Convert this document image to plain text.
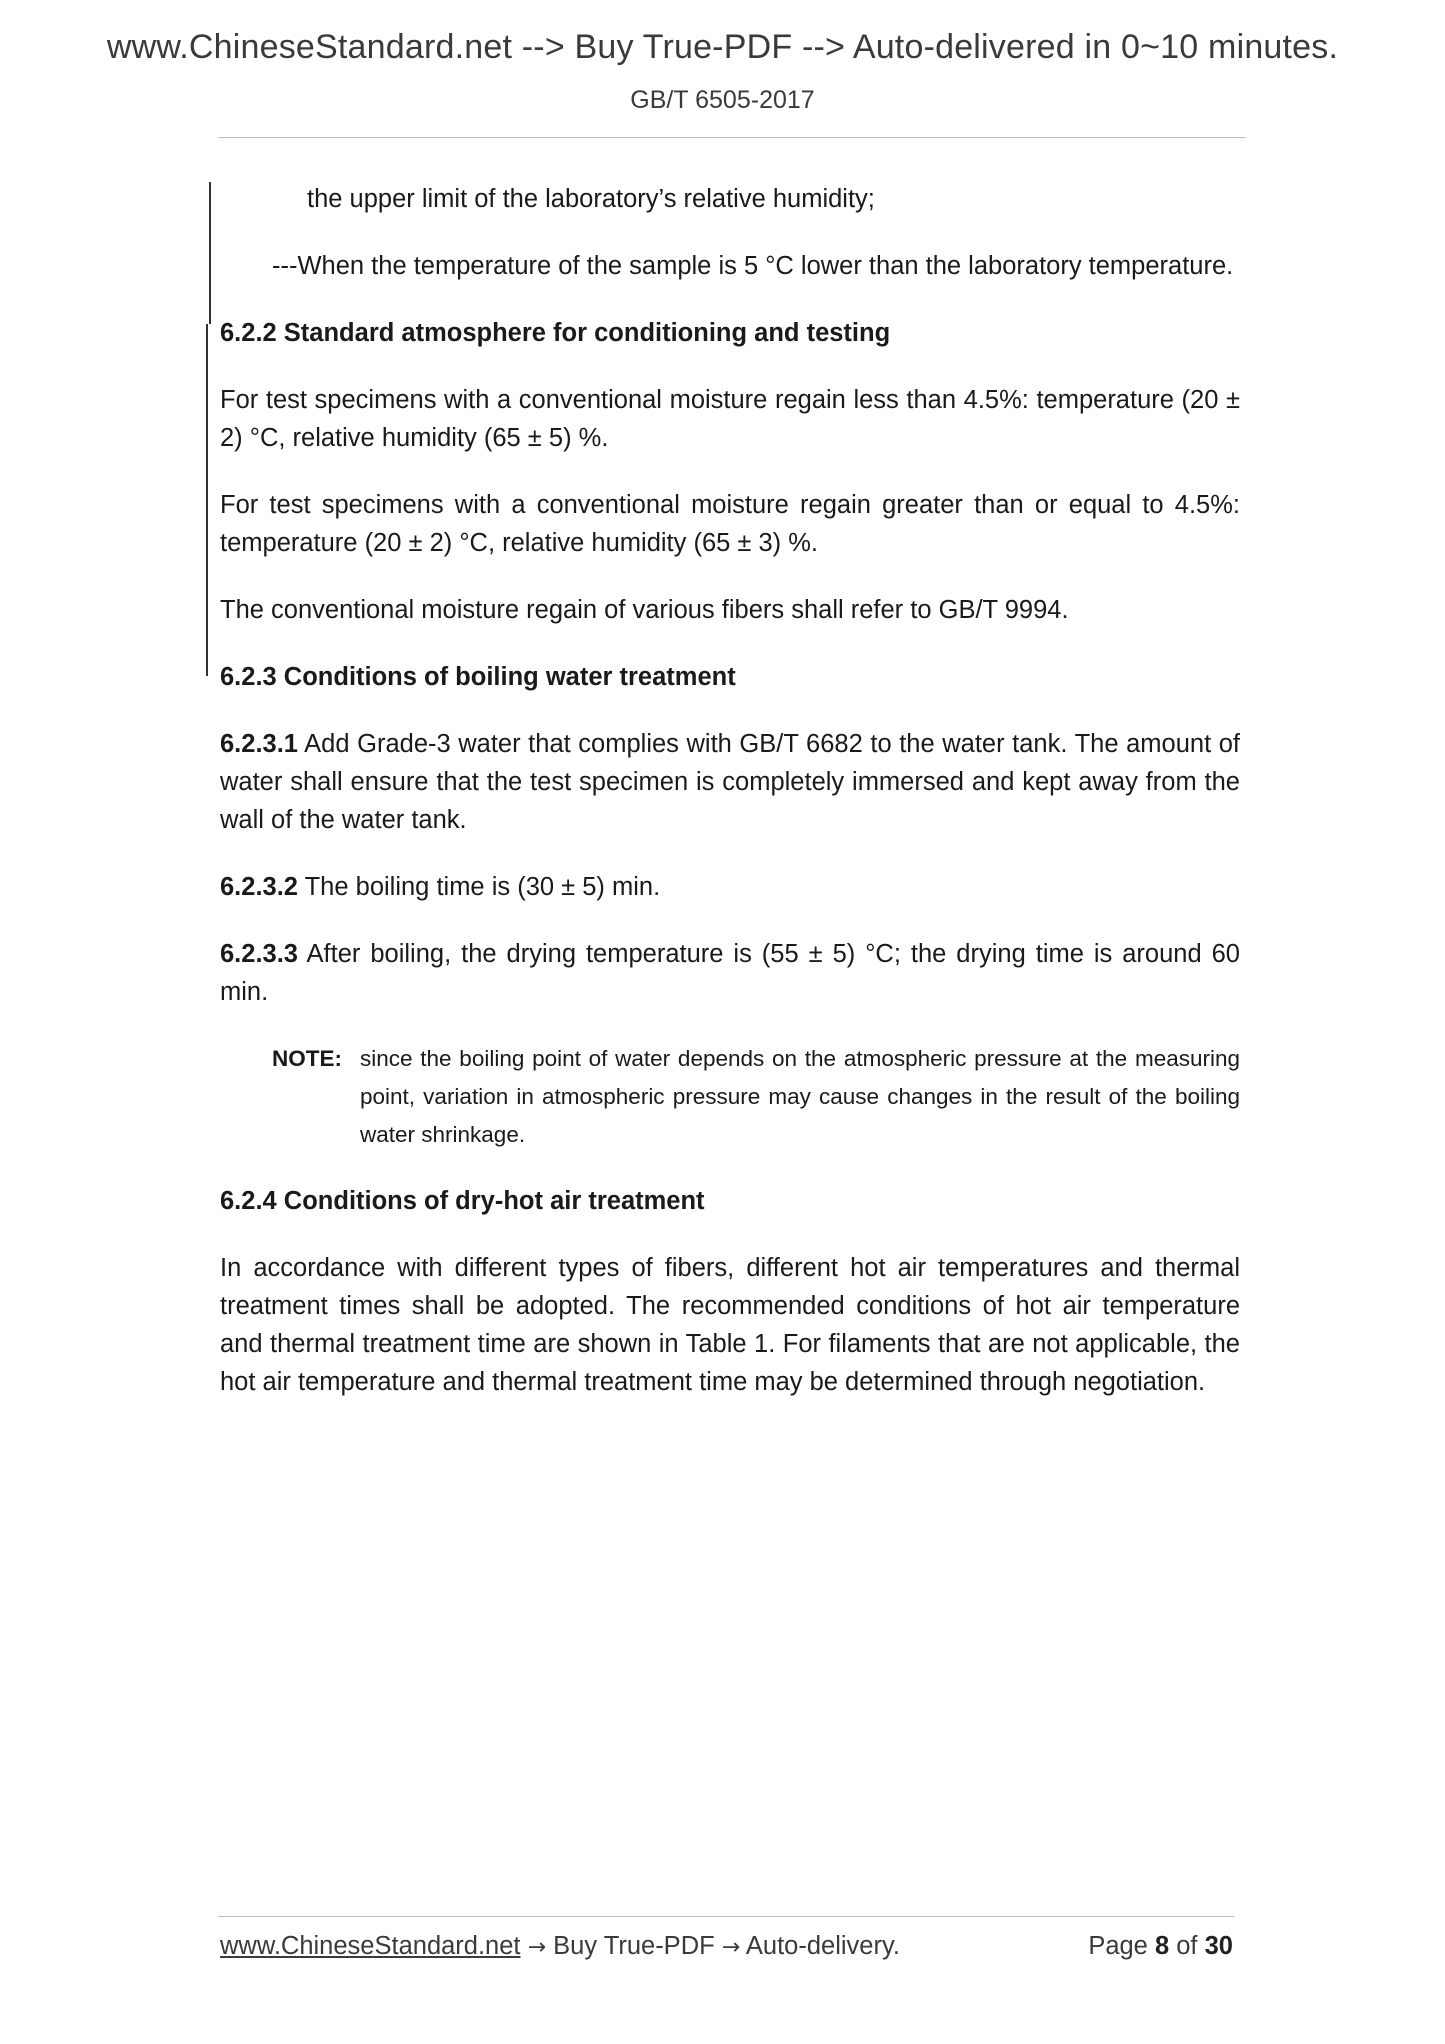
www.ChineseStandard.net --> Buy True-PDF --> Auto-delivered in 0~10 minutes.
GB/T 6505-2017

the upper limit of the laboratory’s relative humidity;

---When the temperature of the sample is 5 °C lower than the laboratory temperature.

6.2.2 Standard atmosphere for conditioning and testing

For test specimens with a conventional moisture regain less than 4.5%: temperature (20 ± 2) °C, relative humidity (65 ± 5) %.

For test specimens with a conventional moisture regain greater than or equal to 4.5%: temperature (20 ± 2) °C, relative humidity (65 ± 3) %.

The conventional moisture regain of various fibers shall refer to GB/T 9994.

6.2.3 Conditions of boiling water treatment

6.2.3.1 Add Grade-3 water that complies with GB/T 6682 to the water tank. The amount of water shall ensure that the test specimen is completely immersed and kept away from the wall of the water tank.

6.2.3.2 The boiling time is (30 ± 5) min.

6.2.3.3 After boiling, the drying temperature is (55 ± 5) °C; the drying time is around 60 min.

NOTE: since the boiling point of water depends on the atmospheric pressure at the measuring point, variation in atmospheric pressure may cause changes in the result of the boiling water shrinkage.

6.2.4 Conditions of dry-hot air treatment

In accordance with different types of fibers, different hot air temperatures and thermal treatment times shall be adopted. The recommended conditions of hot air temperature and thermal treatment time are shown in Table 1. For filaments that are not applicable, the hot air temperature and thermal treatment time may be determined through negotiation.

www.ChineseStandard.net → Buy True-PDF → Auto-delivery.	Page 8 of 30
